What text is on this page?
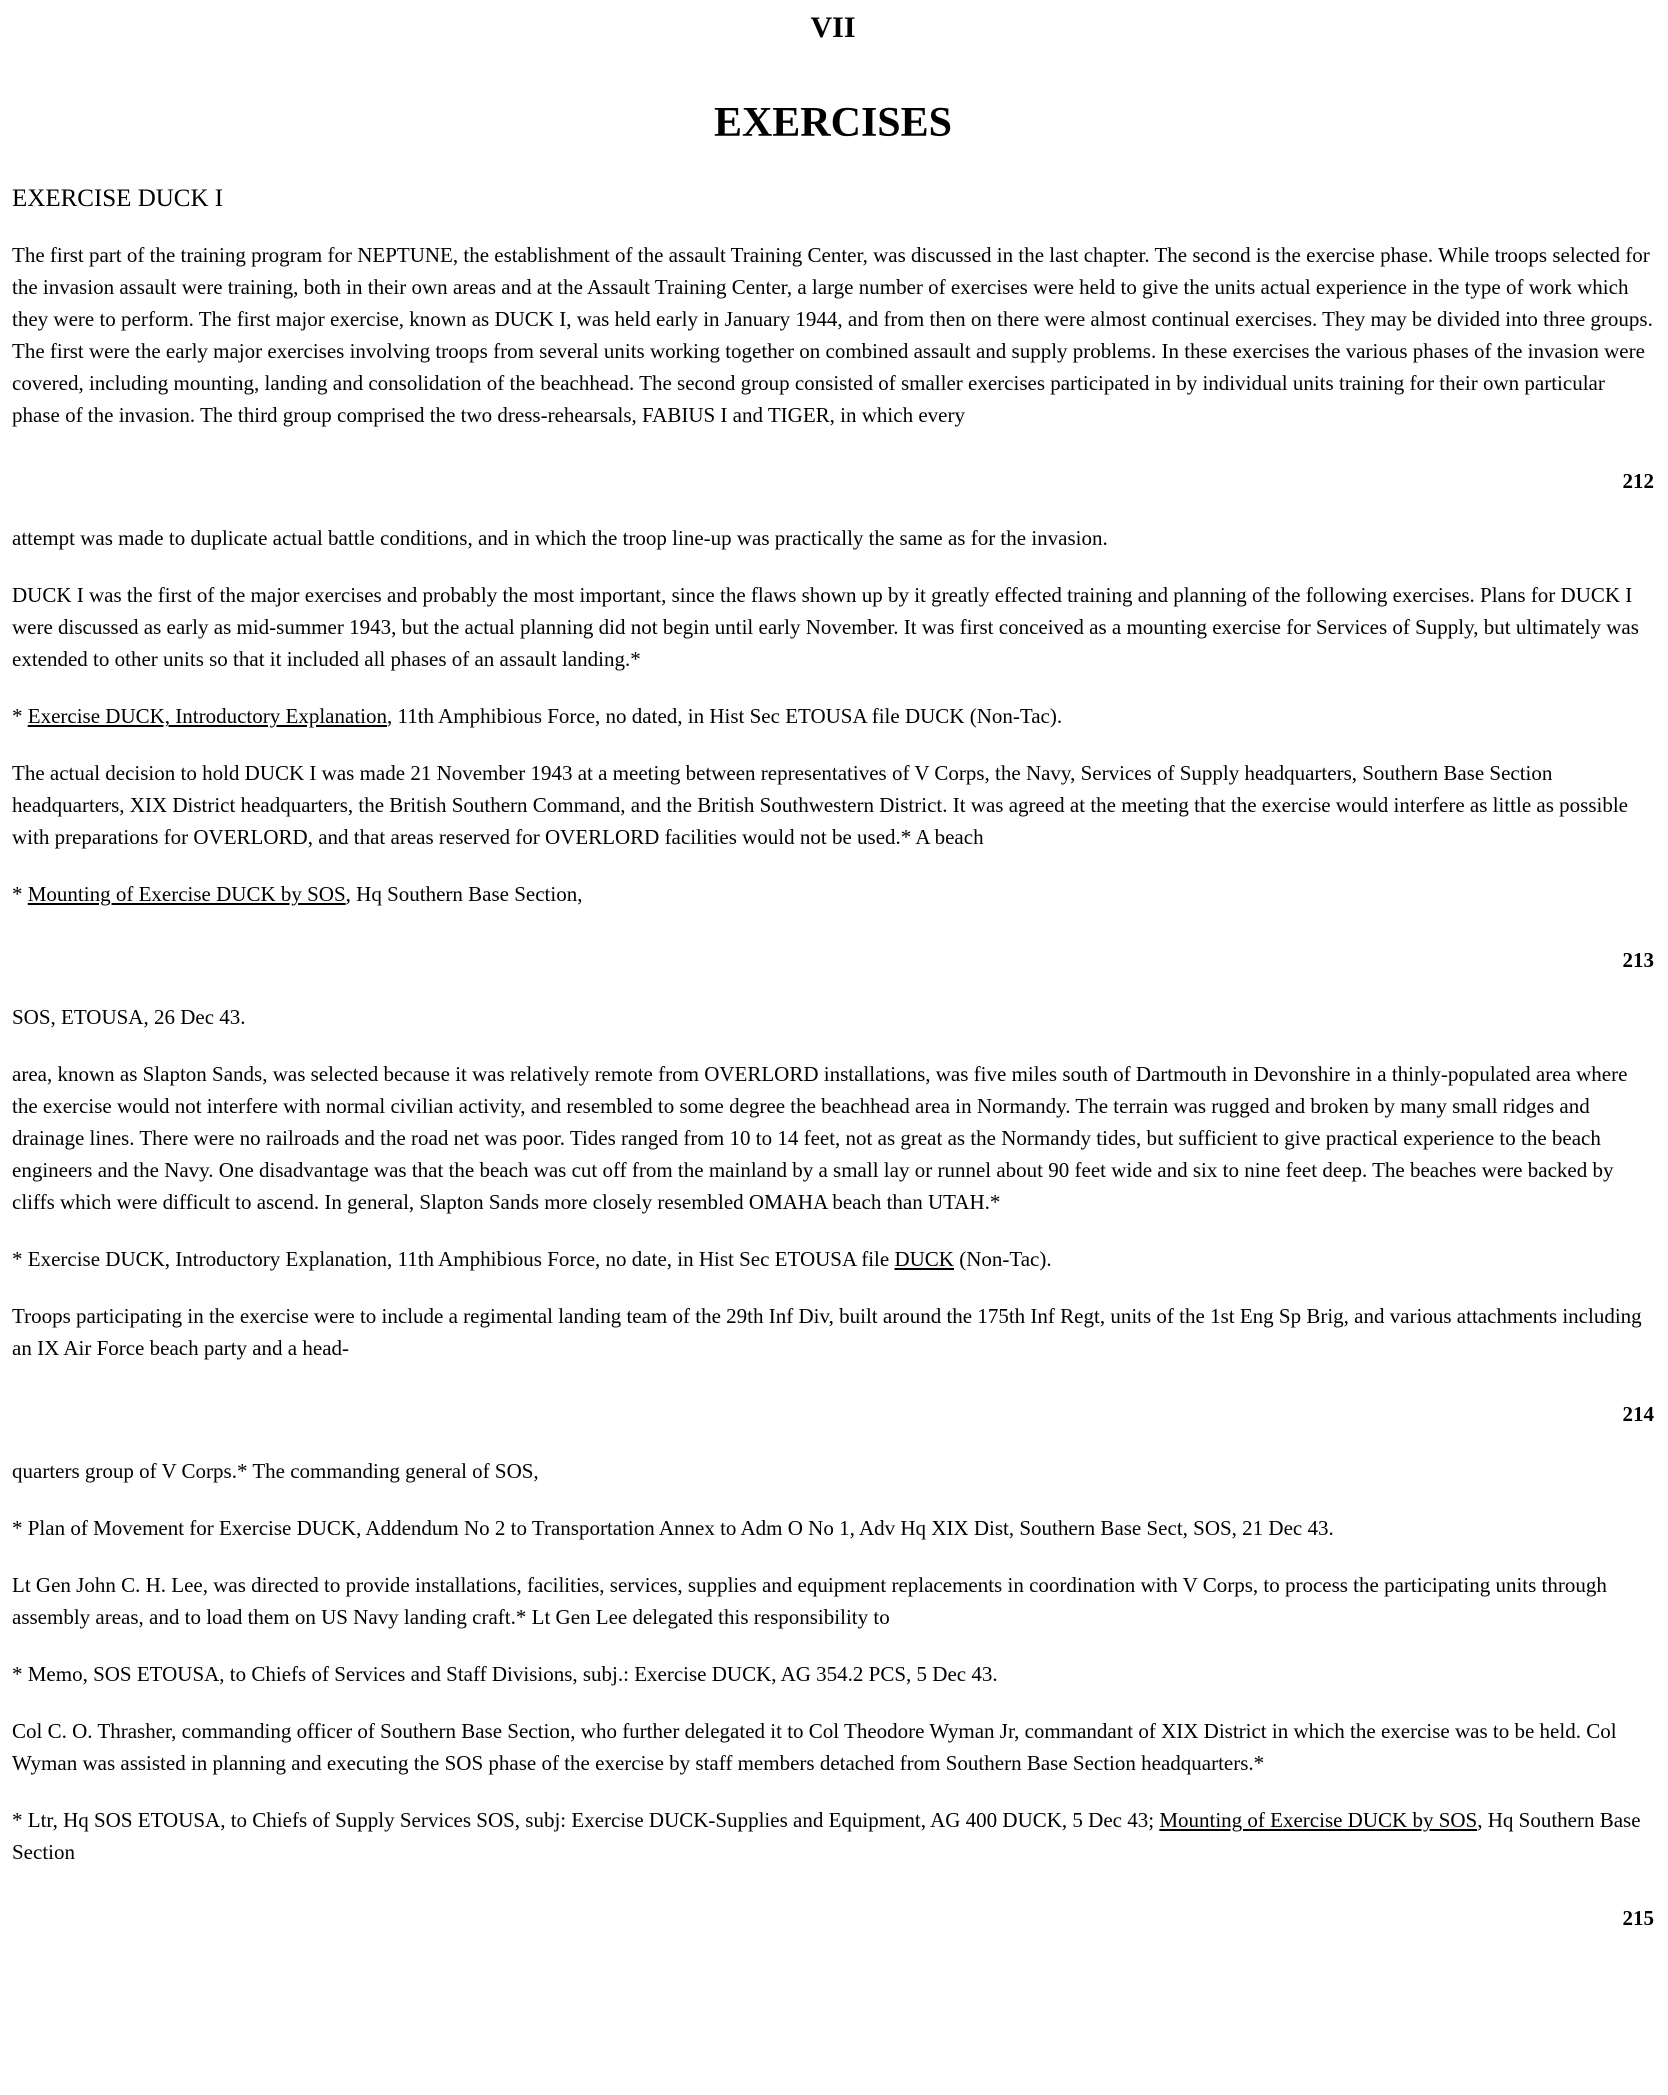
VII
EXERCISES
EXERCISE DUCK I

The first part of the training program for NEPTUNE, the establishment of the assault Training Center, was discussed in the last chapter. The second is the exercise phase. While troops selected for the invasion assault were training, both in their own areas and at the Assault Training Center, a large number of exercises were held to give the units actual experience in the type of work which they were to perform. The first major exercise, known as DUCK I, was held early in January 1944, and from then on there were almost continual exercises. They may be divided into three groups. The first were the early major exercises involving troops from several units working together on combined assault and supply problems. In these exercises the various phases of the invasion were covered, including mounting, landing and consolidation of the beachhead. The second group consisted of smaller exercises participated in by individual units training for their own particular phase of the invasion. The third group comprised the two dress-rehearsals, FABIUS I and TIGER, in which every

212

attempt was made to duplicate actual battle conditions, and in which the troop line-up was practically the same as for the invasion.

DUCK I was the first of the major exercises and probably the most important, since the flaws shown up by it greatly effected training and planning of the following exercises. Plans for DUCK I were discussed as early as mid-summer 1943, but the actual planning did not begin until early November. It was first conceived as a mounting exercise for Services of Supply, but ultimately was extended to other units so that it included all phases of an assault landing.*

* Exercise DUCK, Introductory Explanation, 11th Amphibious Force, no dated, in Hist Sec ETOUSA file DUCK (Non-Tac).

The actual decision to hold DUCK I was made 21 November 1943 at a meeting between representatives of V Corps, the Navy, Services of Supply headquarters, Southern Base Section headquarters, XIX District headquarters, the British Southern Command, and the British Southwestern District. It was agreed at the meeting that the exercise would interfere as little as possible with preparations for OVERLORD, and that areas reserved for OVERLORD facilities would not be used.* A beach

* Mounting of Exercise DUCK by SOS, Hq Southern Base Section,

213

SOS, ETOUSA, 26 Dec 43.

area, known as Slapton Sands, was selected because it was relatively remote from OVERLORD installations, was five miles south of Dartmouth in Devonshire in a thinly-populated area where the exercise would not interfere with normal civilian activity, and resembled to some degree the beachhead area in Normandy. The terrain was rugged and broken by many small ridges and drainage lines. There were no railroads and the road net was poor. Tides ranged from 10 to 14 feet, not as great as the Normandy tides, but sufficient to give practical experience to the beach engineers and the Navy. One disadvantage was that the beach was cut off from the mainland by a small lay or runnel about 90 feet wide and six to nine feet deep. The beaches were backed by cliffs which were difficult to ascend. In general, Slapton Sands more closely resembled OMAHA beach than UTAH.*

* Exercise DUCK, Introductory Explanation, 11th Amphibious Force, no date, in Hist Sec ETOUSA file DUCK (Non-Tac).

Troops participating in the exercise were to include a regimental landing team of the 29th Inf Div, built around the 175th Inf Regt, units of the 1st Eng Sp Brig, and various attachments including an IX Air Force beach party and a head-

214

quarters group of V Corps.* The commanding general of SOS,

* Plan of Movement for Exercise DUCK, Addendum No 2 to Transportation Annex to Adm O No 1, Adv Hq XIX Dist, Southern Base Sect, SOS, 21 Dec 43.

Lt Gen John C. H. Lee, was directed to provide installations, facilities, services, supplies and equipment replacements in coordination with V Corps, to process the participating units through assembly areas, and to load them on US Navy landing craft.* Lt Gen Lee delegated this responsibility to

* Memo, SOS ETOUSA, to Chiefs of Services and Staff Divisions, subj.: Exercise DUCK, AG 354.2 PCS, 5 Dec 43.

Col C. O. Thrasher, commanding officer of Southern Base Section, who further delegated it to Col Theodore Wyman Jr, commandant of XIX District in which the exercise was to be held. Col Wyman was assisted in planning and executing the SOS phase of the exercise by staff members detached from Southern Base Section headquarters.*

* Ltr, Hq SOS ETOUSA, to Chiefs of Supply Services SOS, subj: Exercise DUCK-Supplies and Equipment, AG 400 DUCK, 5 Dec 43; Mounting of Exercise DUCK by SOS, Hq Southern Base Section

215
